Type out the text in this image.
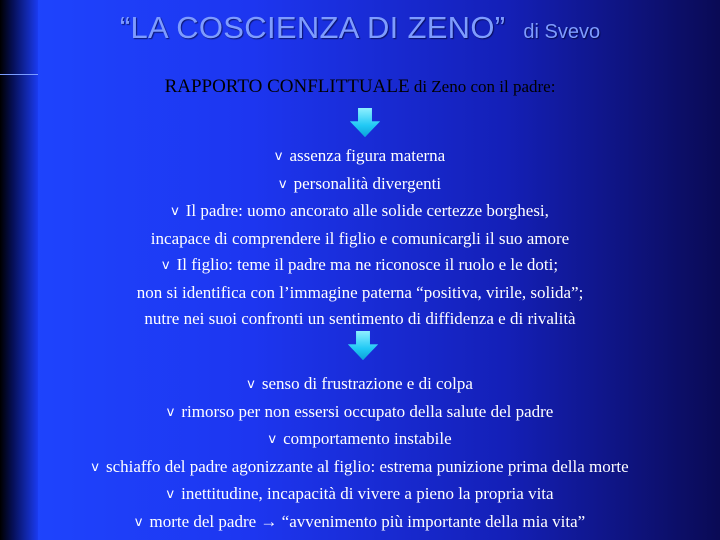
“LA COSCIENZA DI ZENO” di Svevo
RAPPORTO CONFLITTUALE di Zeno con il padre:
v assenza figura materna
v personalità divergenti
v Il padre: uomo ancorato alle solide certezze borghesi,
incapace di comprendere il figlio e comunicargli il suo amore
v Il figlio: teme il padre ma ne riconosce il ruolo e le doti;
non si identifica con l’immagine paterna “positiva, virile, solida”;
nutre nei suoi confronti un sentimento di diffidenza e di rivalità
v senso di frustrazione e di colpa
v rimorso per non essersi occupato della salute del padre
v comportamento instabile
v schiaffo del padre agonizzante al figlio: estrema punizione prima della morte
v inettitudine, incapacità di vivere a pieno la propria vita
v morte del padre → “avvenimento più importante della mia vita”
